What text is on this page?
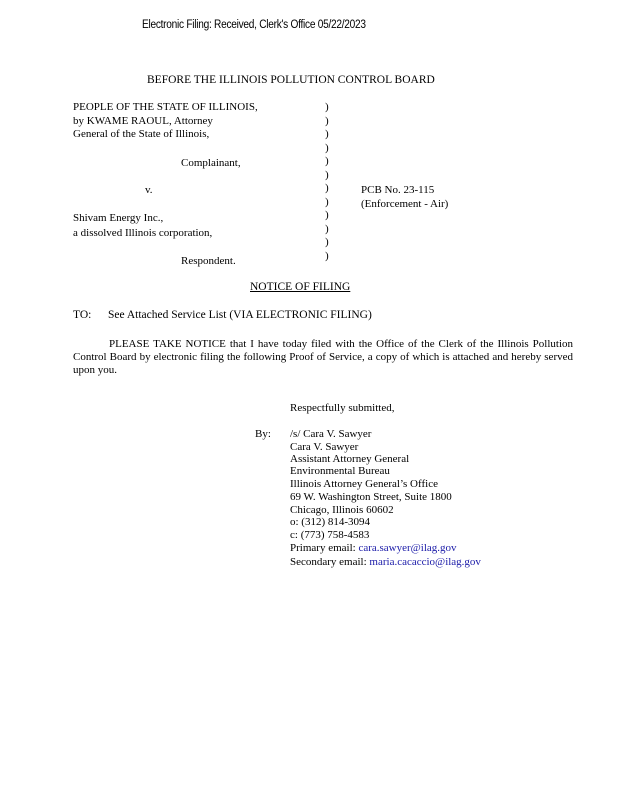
Electronic Filing: Received, Clerk's Office 05/22/2023
BEFORE THE ILLINOIS POLLUTION CONTROL BOARD
PEOPLE OF THE STATE OF ILLINOIS,
by KWAME RAOUL, Attorney
General of the State of Illinois,
Complainant,
v.
Shivam Energy Inc.,
a dissolved Illinois corporation,
Respondent.
)
)
)
)
)
)
)
)
)
)
)
)
PCB No. 23-115
(Enforcement - Air)
NOTICE OF FILING
TO: See Attached Service List (VIA ELECTRONIC FILING)
PLEASE TAKE NOTICE that I have today filed with the Office of the Clerk of the Illinois Pollution Control Board by electronic filing the following Proof of Service, a copy of which is attached and hereby served upon you.
Respectfully submitted,
By: /s/ Cara V. Sawyer
Cara V. Sawyer
Assistant Attorney General
Environmental Bureau
Illinois Attorney General’s Office
69 W. Washington Street, Suite 1800
Chicago, Illinois 60602
o: (312) 814-3094
c: (773) 758-4583
Primary email: cara.sawyer@ilag.gov
Secondary email: maria.cacaccio@ilag.gov
